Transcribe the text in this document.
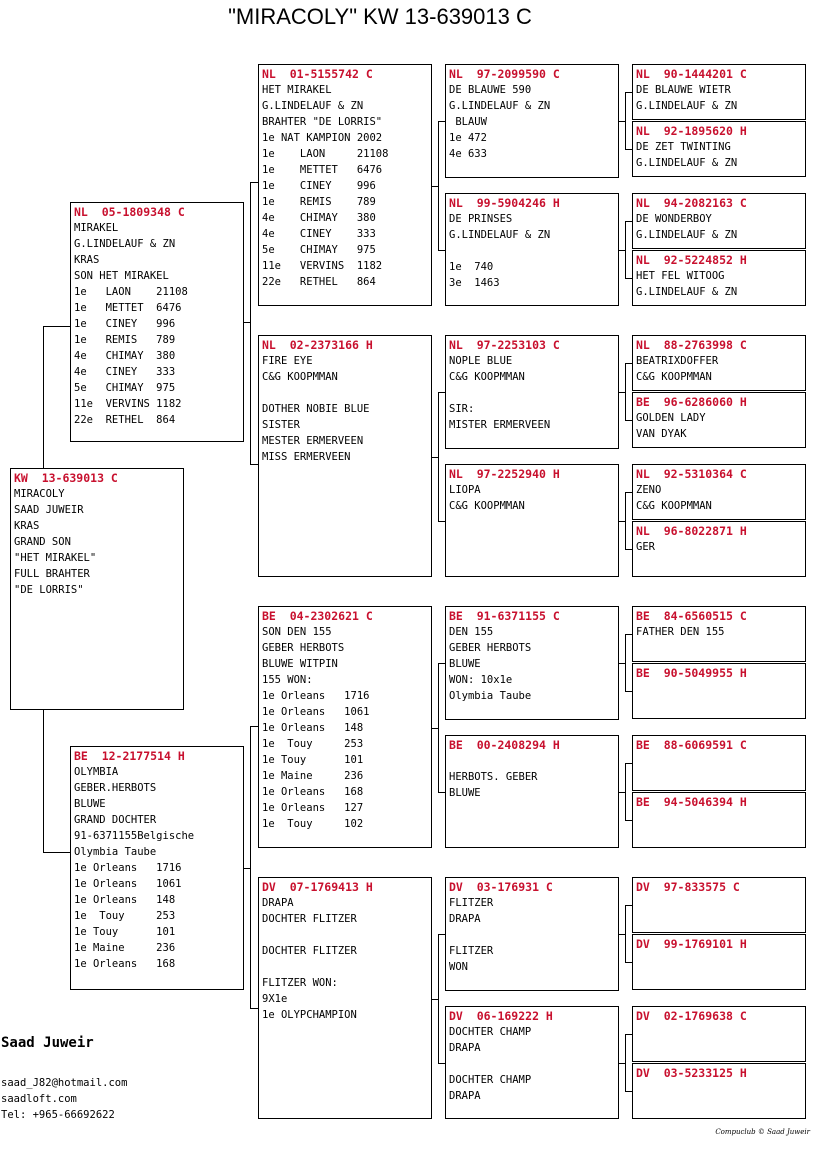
"MIRACOLY" KW 13-639013 C
KW  13-639013 C
MIRACOLY
SAAD JUWEIR
KRAS
GRAND SON
"HET MIRAKEL"
FULL BRAHTER
"DE LORRIS"
NL  05-1809348 C
MIRAKEL
G.LINDELAUF & ZN
KRAS
SON HET MIRAKEL
1e   LAON    21108
1e   METTET  6476
1e   CINEY   996
1e   REMIS   789
4e   CHIMAY  380
4e   CINEY   333
5e   CHIMAY  975
11e  VERVINS 1182
22e  RETHEL  864
BE  12-2177514 H
OLYMBIA
GEBER.HERBOTS
BLUWE
GRAND DOCHTER
91-6371155Belgische
Olymbia Taube
1e Orleans   1716
1e Orleans   1061
1e Orleans   148
1e  Touy     253
1e Touy      101
1e Maine     236
1e Orleans   168
NL  01-5155742 C
HET MIRAKEL
G.LINDELAUF & ZN
BRAHTER "DE LORRIS"
1e NAT KAMPION 2002
1e    LAON     21108
1e    METTET   6476
1e    CINEY    996
1e    REMIS    789
4e    CHIMAY   380
4e    CINEY    333
5e    CHIMAY   975
11e   VERVINS  1182
22e   RETHEL   864
NL  02-2373166 H
FIRE EYE
C&G KOOPMMAN

DOTHER NOBIE BLUE
SISTER
MESTER ERMERVEEN
MISS ERMERVEEN
BE  04-2302621 C
SON DEN 155
GEBER HERBOTS
BLUWE WITPIN
155 WON:
1e Orleans   1716
1e Orleans   1061
1e Orleans   148
1e  Touy     253
1e Touy      101
1e Maine     236
1e Orleans   168
1e Orleans   127
1e  Touy     102
DV  07-1769413 H
DRAPA
DOCHTER FLITZER

DOCHTER FLITZER

FLITZER WON:
9X1e
1e OLYPCHAMPION
NL  97-2099590 C
DE BLAUWE 590
G.LINDELAUF & ZN
BLAUW
1e 472
4e 633
NL  99-5904246 H
DE PRINSES
G.LINDELAUF & ZN

1e  740
3e  1463
NL  97-2253103 C
NOPLE BLUE
C&G KOOPMMAN

SIR:
MISTER ERMERVEEN
NL  97-2252940 H
LIOPA
C&G KOOPMMAN
BE  91-6371155 C
DEN 155
GEBER HERBOTS
BLUWE
WON: 10x1e
Olymbia Taube
BE  00-2408294 H

HERBOTS. GEBER
BLUWE
DV  03-176931 C
FLITZER
DRAPA

FLITZER
WON
DV  06-169222 H
DOCHTER CHAMP
DRAPA

DOCHTER CHAMP
DRAPA
NL  90-1444201 C
DE BLAUWE WIETR
G.LINDELAUF & ZN
NL  92-1895620 H
DE ZET TWINTING
G.LINDELAUF & ZN
NL  94-2082163 C
DE WONDERBOY
G.LINDELAUF & ZN
NL  92-5224852 H
HET FEL WITOOG
G.LINDELAUF & ZN
NL  88-2763998 C
BEATRIXDOFFER
C&G KOOPMMAN
BE  96-6286060 H
GOLDEN LADY
VAN DYAK
NL  92-5310364 C
ZENO
C&G KOOPMMAN
NL  96-8022871 H
GER
BE  84-6560515 C
FATHER DEN 155
BE  90-5049955 H
BE  88-6069591 C
BE  94-5046394 H
DV  97-833575 C
DV  99-1769101 H
DV  02-1769638 C
DV  03-5233125 H
Saad Juweir
saad_J82@hotmail.com
saadloft.com
Tel: +965-66692622
Compuclub © Saad Juweir
